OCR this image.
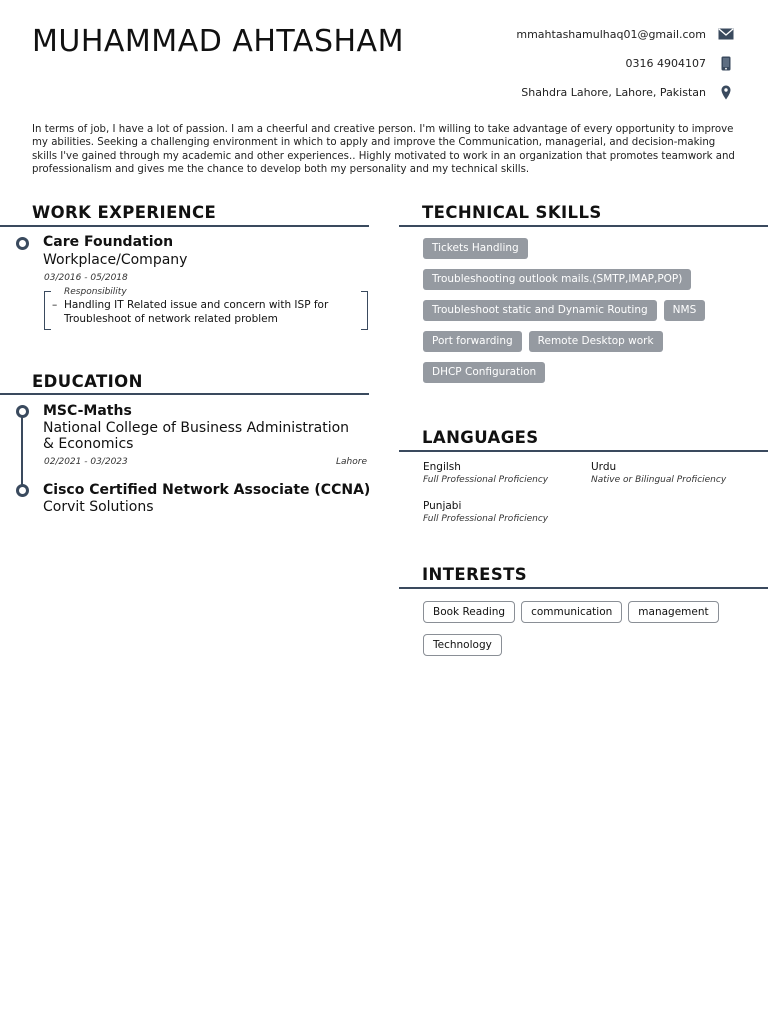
MUHAMMAD AHTASHAM	mmahtashamulhaq01@gmail.com
0316 4904107
Shahdra Lahore, Lahore, Pakistan

In terms of job, I have a lot of passion. I am a cheerful and creative person. I'm willing to take advantage of every opportunity to improve my abilities. Seeking a challenging environment in which to apply and improve the Communication, managerial, and decision-making skills I've gained through my academic and other experiences.. Highly motivated to work in an organization that promotes teamwork and professionalism and gives me the chance to develop both my personality and my technical skills.

WORK EXPERIENCE
Care Foundation
Workplace/Company
03/2016 - 05/2018
Responsibility
– Handling IT Related issue and concern with ISP for Troubleshoot of network related problem
EDUCATION
MSC-Maths
National College of Business Administration & Economics
02/2021 - 03/2023	Lahore
Cisco Certified Network Associate (CCNA)
Corvit Solutions
TECHNICAL SKILLS
Tickets Handling
Troubleshooting outlook mails.(SMTP,IMAP,POP)
Troubleshoot static and Dynamic Routing	NMS
Port forwarding	Remote Desktop work
DHCP Configuration
LANGUAGES
Engilsh
Full Professional Proficiency
Urdu
Native or Bilingual Proficiency
Punjabi
Full Professional Proficiency
INTERESTS
Book Reading	communication	management
Technology
